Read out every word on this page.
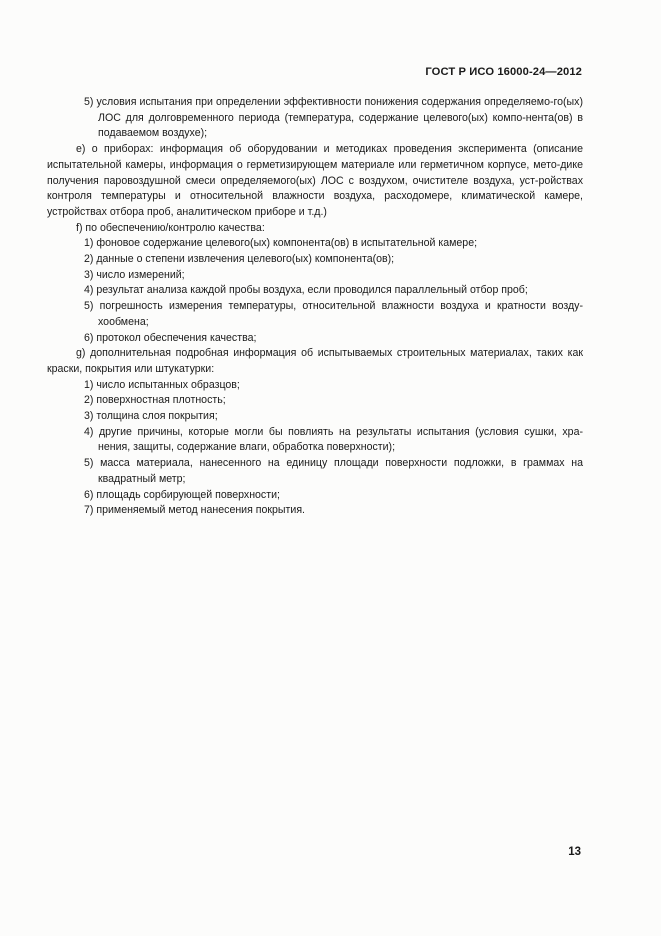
ГОСТ Р ИСО 16000-24—2012

5) условия испытания при определении эффективности понижения содержания определяемо-го(ых) ЛОС для долговременного периода (температура, содержание целевого(ых) компо-нента(ов) в подаваемом воздухе);

e) о приборах: информация об оборудовании и методиках проведения эксперимента (описание испытательной камеры, информация о герметизирующем материале или герметичном корпусе, мето-дике получения паровоздушной смеси определяемого(ых) ЛОС с воздухом, очистителе воздуха, уст-ройствах контроля температуры и относительной влажности воздуха, расходомере, климатической камере, устройствах отбора проб, аналитическом приборе и т.д.)

f) по обеспечению/контролю качества:

1) фоновое содержание целевого(ых) компонента(ов) в испытательной камере;

2) данные о степени извлечения целевого(ых) компонента(ов);

3) число измерений;

4) результат анализа каждой пробы воздуха, если проводился параллельный отбор проб;

5) погрешность измерения температуры, относительной влажности воздуха и кратности возду-хообмена;

6) протокол обеспечения качества;

g) дополнительная подробная информация об испытываемых строительных материалах, таких как краски, покрытия или штукатурки:

1) число испытанных образцов;

2) поверхностная плотность;

3) толщина слоя покрытия;

4) другие причины, которые могли бы повлиять на результаты испытания (условия сушки, хра-нения, защиты, содержание влаги, обработка поверхности);

5) масса материала, нанесенного на единицу площади поверхности подложки, в граммах на квадратный метр;

6) площадь сорбирующей поверхности;

7) применяемый метод нанесения покрытия.

13
